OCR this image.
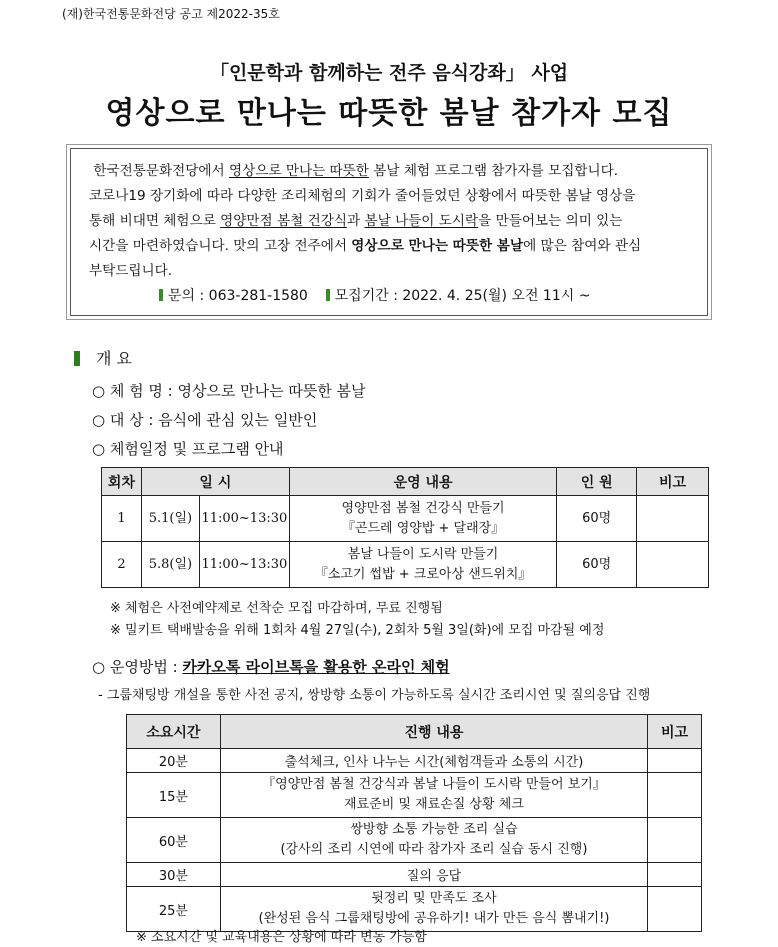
(재)한국전통문화전당 공고 제2022-35호
「인문학과 함께하는 전주 음식강좌」 사업
영상으로 만나는 따뜻한 봄날 참가자 모집
한국전통문화전당에서 영상으로 만나는 따뜻한 봄날 체험 프로그램 참가자를 모집합니다.
코로나19 장기화에 따라 다양한 조리체험의 기회가 줄어들었던 상황에서 따뜻한 봄날 영상을
통해 비대면 체험으로 영양만점 봄철 건강식과 봄날 나들이 도시락을 만들어보는 의미 있는
시간을 마련하였습니다. 맛의 고장 전주에서 영상으로 만나는 따뜻한 봄날에 많은 참여와 관심
부탁드립니다.
문의 : 063-281-1580 모집기간 : 2022. 4. 25(월) 오전 11시 ~
개 요
○ 체 험 명 : 영상으로 만나는 따뜻한 봄날
○ 대 상 : 음식에 관심 있는 일반인
○ 체험일정 및 프로그램 안내
회차	일 시		운영 내용	인 원	비고
1	5.1(일)	11:00~13:30	영양만점 봄철 건강식 만들기
『곤드레 영양밥 + 달래장』	60명	
2	5.8(일)	11:00~13:30	봄날 나들이 도시락 만들기
『소고기 썹밥 + 크로아상 샌드위치』	60명	
※ 체험은 사전예약제로 선착순 모집 마감하며, 무료 진행됨
※ 밀키트 택배발송을 위해 1회차 4월 27일(수), 2회차 5월 3일(화)에 모집 마감될 예정
○ 운영방법 : 카카오톡 라이브톡을 활용한 온라인 체험
- 그룹채팅방 개설을 통한 사전 공지, 쌍방향 소통이 가능하도록 실시간 조리시연 및 질의응답 진행
소요시간	진행 내용	비고
20분	출석체크, 인사 나누는 시간(체험객들과 소통의 시간)	

15분	『영양만점 봄철 건강식과 봄날 나들이 도시락 만들어 보기』
재료준비 및 재료손질 상황 체크	

60분	쌍방향 소통 가능한 조리 실습
(강사의 조리 시연에 따라 참가자 조리 실습 동시 진행)	

30분	질의 응답	

25분	뒷정리 및 만족도 조사
(완성된 음식 그룹채팅방에 공유하기! 내가 만든 음식 뽐내기!)	

※ 소요시간 및 교육내용은 상황에 따라 변동 가능함
